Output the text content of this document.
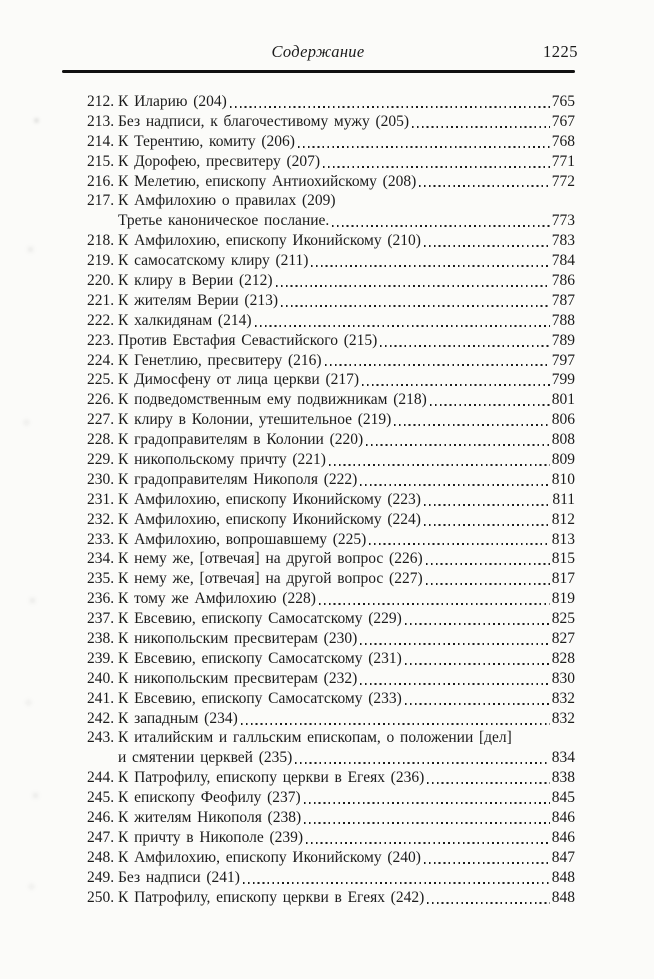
Содержание	1225
212. К Иларию (204)	765
213. Без надписи, к благочестивому мужу (205)	767
214. К Терентию, комиту (206)	768
215. К Дорофею, пресвитеру (207)	771
216. К Мелетию, епископу Антиохийскому (208)	772
217. К Амфилохию о правилах (209)
Третье каноническое послание.	773
218. К Амфилохию, епископу Иконийскому (210)	783
219. К самосатскому клиру (211)	784
220. К клиру в Верии (212)	786
221. К жителям Верии (213)	787
222. К халкидянам (214)	788
223. Против Евстафия Севастийского (215)	789
224. К Генетлию, пресвитеру (216)	797
225. К Димосфену от лица церкви (217)	799
226. К подведомственным ему подвижникам (218)	801
227. К клиру в Колонии, утешительное (219)	806
228. К градоправителям в Колонии (220)	808
229. К никопольскому причту (221)	809
230. К градоправителям Никополя (222)	810
231. К Амфилохию, епископу Иконийскому (223)	811
232. К Амфилохию, епископу Иконийскому (224)	812
233. К Амфилохию, вопрошавшему (225)	813
234. К нему же, [отвечая] на другой вопрос (226)	815
235. К нему же, [отвечая] на другой вопрос (227)	817
236. К тому же Амфилохию (228)	819
237. К Евсевию, епископу Самосатскому (229)	825
238. К никопольским пресвитерам (230)	827
239. К Евсевию, епископу Самосатскому (231)	828
240. К никопольским пресвитерам (232)	830
241. К Евсевию, епископу Самосатскому (233)	832
242. К западным (234)	832
243. К италийским и галльским епископам, о положении [дел]
и смятении церквей (235)	834
244. К Патрофилу, епископу церкви в Егеях (236)	838
245. К епископу Феофилу (237)	845
246. К жителям Никополя (238)	846
247. К причту в Никополе (239)	846
248. К Амфилохию, епископу Иконийскому (240)	847
249. Без надписи (241)	848
250. К Патрофилу, епископу церкви в Егеях (242)	848
